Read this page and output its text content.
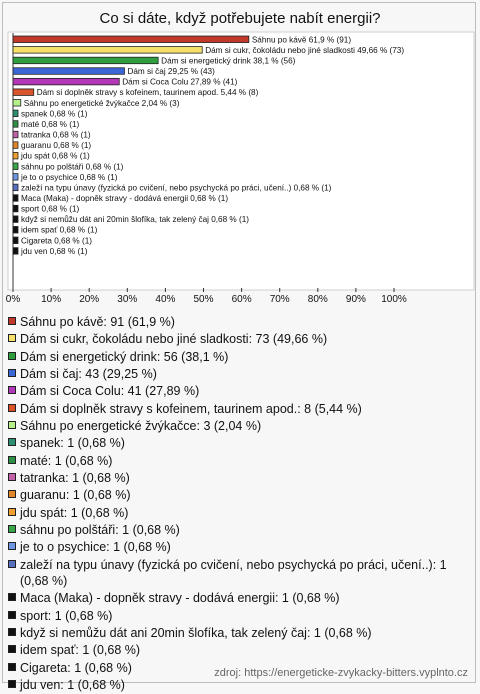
Co si dáte, když potřebujete nabít energii?
Sáhnu po kávě 61,9 % (91)
Dám si cukr, čokoládu nebo jiné sladkosti 49,66 % (73)
Dám si energetický drink 38,1 % (56)
Dám si čaj 29,25 % (43)
Dám si Coca Colu 27,89 % (41)
Dám si doplněk stravy s kofeinem, taurinem apod. 5,44 % (8)
Sáhnu po energetické žvýkačce 2,04 % (3)
spanek 0,68 % (1)
maté 0,68 % (1)
tatranka 0,68 % (1)
guaranu 0,68 % (1)
jdu spát 0,68 % (1)
sáhnu po polštáři 0,68 % (1)
je to o psychice 0,68 % (1)
zaleží na typu únavy (fyzická po cvičení, nebo psychycká po práci, učení..) 0,68 % (1)
Maca (Maka) - dopněk stravy - dodává energii 0,68 % (1)
sport 0,68 % (1)
když si nemůžu dát ani 20min šlofíka, tak zelený čaj 0,68 % (1)
idem spať 0,68 % (1)
Cigareta 0,68 % (1)
jdu ven 0,68 % (1)
0% 10% 20% 30% 40% 50% 60% 70% 80% 90% 100%
Sáhnu po kávě: 91 (61,9 %)
Dám si cukr, čokoládu nebo jiné sladkosti: 73 (49,66 %)
Dám si energetický drink: 56 (38,1 %)
Dám si čaj: 43 (29,25 %)
Dám si Coca Colu: 41 (27,89 %)
Dám si doplněk stravy s kofeinem, taurinem apod.: 8 (5,44 %)
Sáhnu po energetické žvýkačce: 3 (2,04 %)
spanek: 1 (0,68 %)
maté: 1 (0,68 %)
tatranka: 1 (0,68 %)
guaranu: 1 (0,68 %)
jdu spát: 1 (0,68 %)
sáhnu po polštáři: 1 (0,68 %)
je to o psychice: 1 (0,68 %)
zaleží na typu únavy (fyzická po cvičení, nebo psychycká po práci, učení..): 1 (0,68 %)
Maca (Maka) - dopněk stravy - dodává energii: 1 (0,68 %)
sport: 1 (0,68 %)
když si nemůžu dát ani 20min šlofíka, tak zelený čaj: 1 (0,68 %)
idem spať: 1 (0,68 %)
Cigareta: 1 (0,68 %)
jdu ven: 1 (0,68 %)
zdroj: https://energeticke-zvykacky-bitters.vyplnto.cz
